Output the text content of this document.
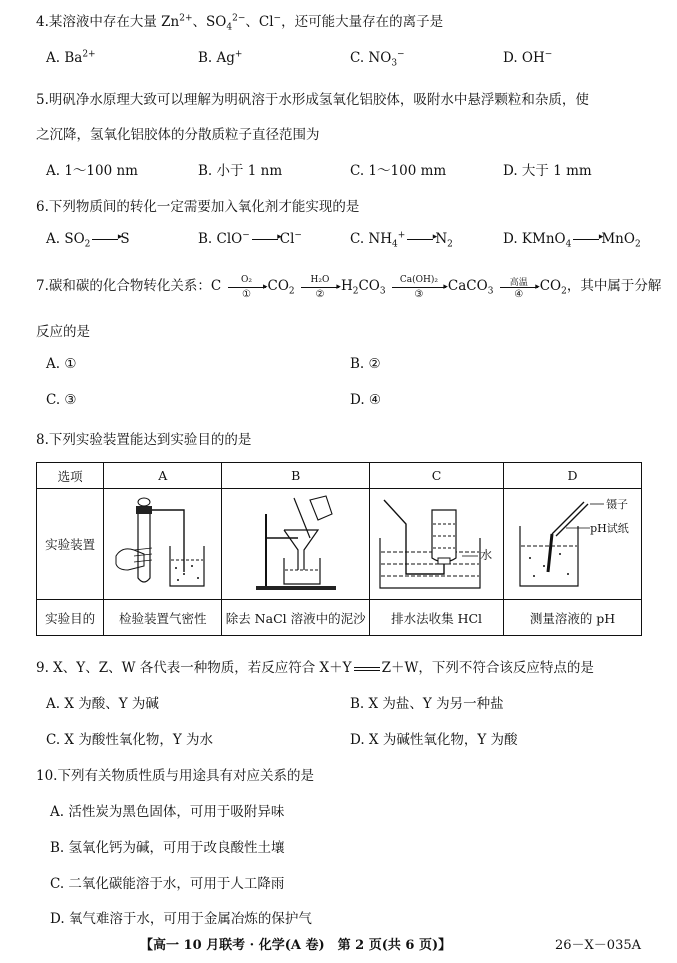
4.某溶液中存在大量 $Zn^{2+}$、$SO_4^{2-}$、Cl−，还可能大量存在的离子是
A. $Ba^{2+}$	B. Ag+	C. $NO_3^-$	D. OH−
5.明矾净水原理大致可以理解为明矾溶于水形成氢氧化铝胶体，吸附水中悬浮颗粒和杂质，使
之沉降，氢氧化铝胶体的分散质粒子直径范围为
A. 1～100 nm	B. 小于 1 nm	C. 1～100 mm	D. 大于 1 mm
6.下列物质间的转化一定需要加入氧化剂才能实现的是
A. $SO_2$ ▸ S	B. ClO− ▸ Cl−	C. $NH_4^+$ ▸ $N_2$	D. KMnO$_4$ ▸ MnO$_2$
7.碳和碳的化合物转化关系：C	O₂
▸
①	$CO_2$
H₂O
▸
②	$H_2CO_3$
Ca(OH)₂
▸
③	CaCO$_3$
高温 ▸
④	$CO_2$，其中属于分解
反应的是
A. ①	B. ②
C. ③	D. ④
8.下列实验装置能达到实验目的的是
选项	A	B	C	D
实验装置			水	镊子
pH试纸

实验目的	检验装置气密性	除去 NaCl 溶液中的泥沙	排水法收集 HCl	测量溶液的 pH
9. X、Y、Z、W 各代表一种物质，若反应符合 X＋Y Z＋W，下列不符合该反应特点的是
A. X 为酸、Y 为碱	B. X 为盐、Y 为另一种盐
C. X 为酸性氧化物，Y 为水	D. X 为碱性氧化物，Y 为酸
10.下列有关物质性质与用途具有对应关系的是
A. 活性炭为黑色固体，可用于吸附异味
B. 氢氧化钙为碱，可用于改良酸性土壤
C. 二氧化碳能溶于水，可用于人工降雨
D. 氧气难溶于水，可用于金属冶炼的保护气
【高一 10 月联考 · 化学(A 卷)　第 2 页(共 6 页)】	26－X－035A
